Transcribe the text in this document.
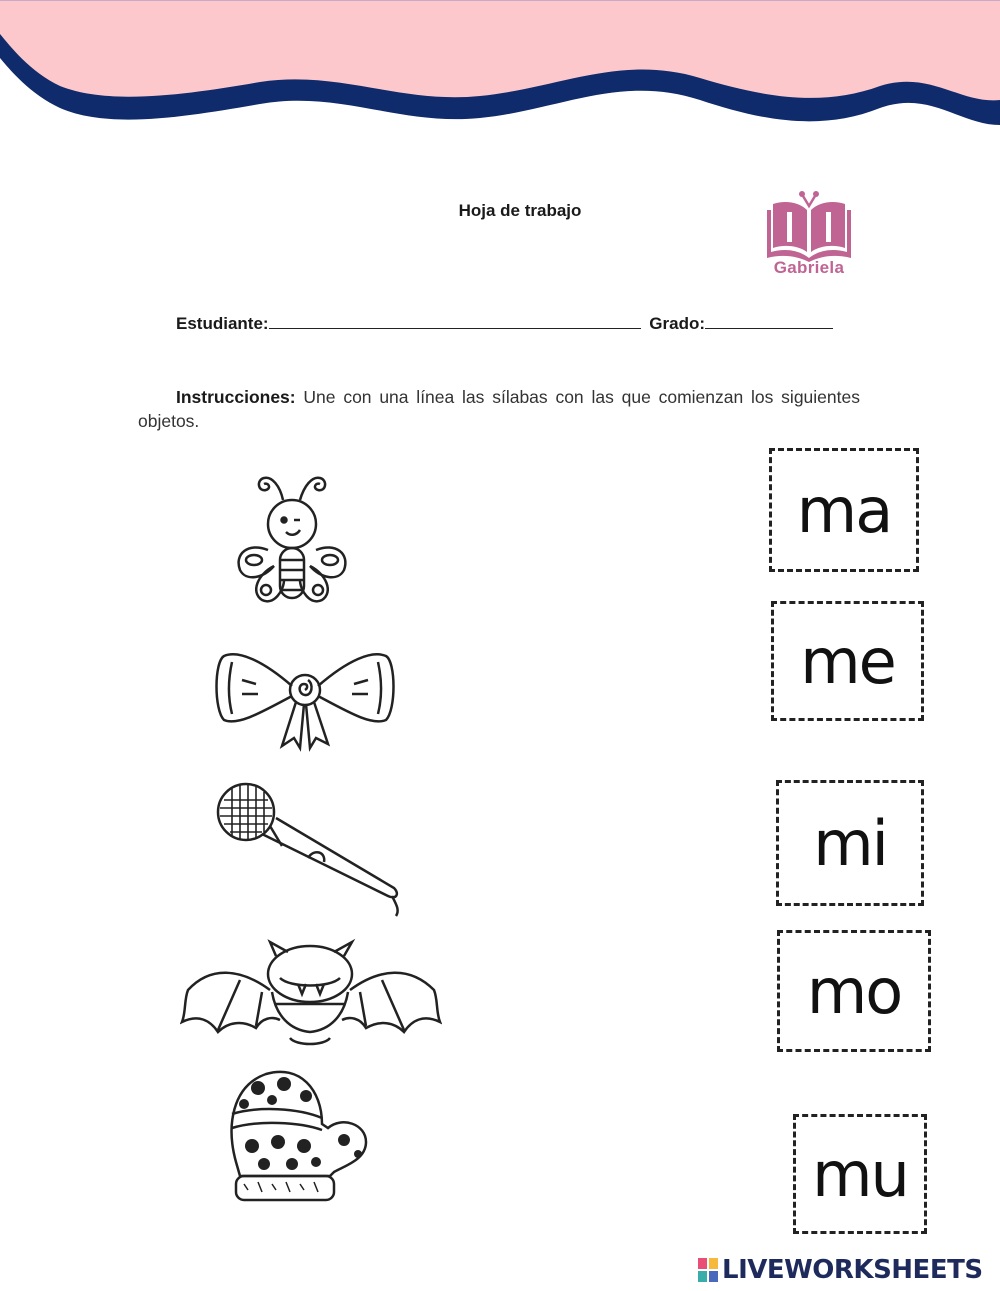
Hoja de trabajo
Gabriela
Estudiante:	Grado:
Instrucciones: Une con una línea las sílabas con las que comienzan los siguientes objetos.
ma
me
mi
mo
mu
LIVEWORKSHEETS
